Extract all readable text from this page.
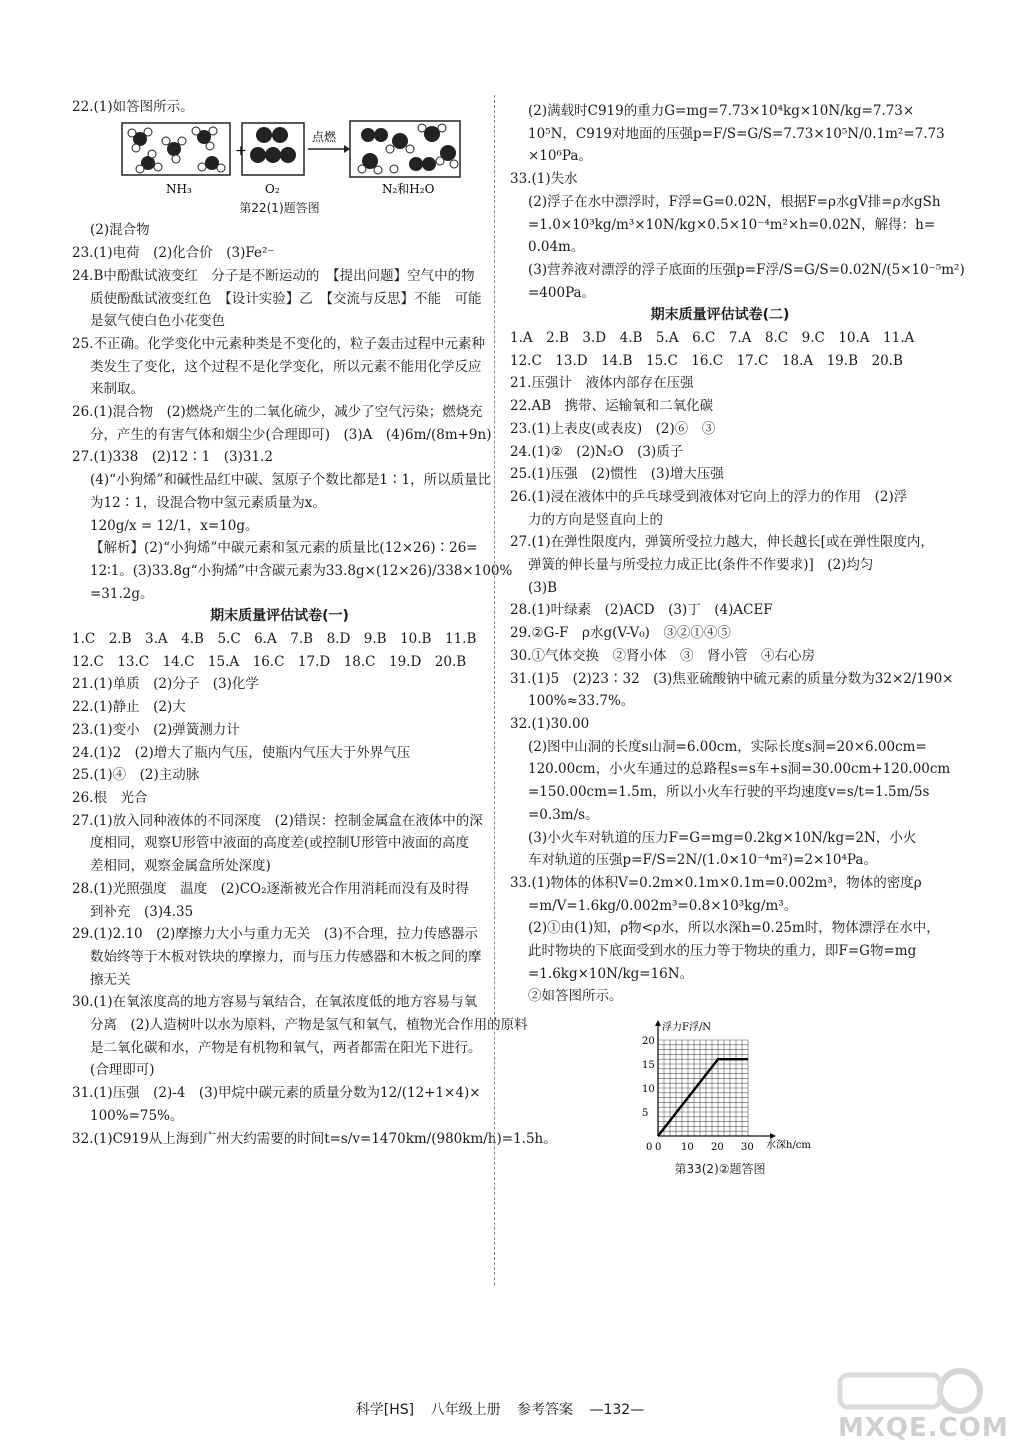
22.(1)如答图所示。
+
点燃
NH₃	O₂	N₂和H₂O
第22(1)题答图
(2)混合物
23.(1)电荷　(2)化合价　(3)Fe²⁻
24.B中酚酞试液变红　分子是不断运动的　【提出问题】空气中的物
质使酚酞试液变红色　【设计实验】乙　【交流与反思】不能　可能
是氨气使白色小花变色
25.不正确。化学变化中元素种类是不变化的，粒子轰击过程中元素种
类发生了变化，这个过程不是化学变化，所以元素不能用化学反应
来制取。
26.(1)混合物　(2)燃烧产生的二氧化硫少，减少了空气污染；燃烧充
分，产生的有害气体和烟尘少(合理即可)　(3)A　(4)6m/(8m+9n)
27.(1)338　(2)12∶1　(3)31.2
(4)“小狗烯”和碱性品红中碳、氢原子个数比都是1∶1，所以质量比
为12∶1，设混合物中氢元素质量为x。
120g/x = 12/1，x=10g。
【解析】(2)“小狗烯”中碳元素和氢元素的质量比(12×26)∶26=
12∶1。(3)33.8g“小狗烯”中含碳元素为33.8g×(12×26)/338×100%
=31.2g。
期末质量评估试卷(一)
1.C　2.B　3.A　4.B　5.C　6.A　7.B　8.D　9.B　10.B　11.B
12.C　13.C　14.C　15.A　16.C　17.D　18.C　19.D　20.B
21.(1)单质　(2)分子　(3)化学
22.(1)静止　(2)大
23.(1)变小　(2)弹簧测力计
24.(1)2　(2)增大了瓶内气压，使瓶内气压大于外界气压
25.(1)④　(2)主动脉
26.根　光合
27.(1)放入同种液体的不同深度　(2)错误：控制金属盒在液体中的深
度相同，观察U形管中液面的高度差(或控制U形管中液面的高度
差相同，观察金属盒所处深度)
28.(1)光照强度　温度　(2)CO₂逐渐被光合作用消耗而没有及时得
到补充　(3)4.35
29.(1)2.10　(2)摩擦力大小与重力无关　(3)不合理，拉力传感器示
数始终等于木板对铁块的摩擦力，而与压力传感器和木板之间的摩
擦无关
30.(1)在氧浓度高的地方容易与氧结合，在氧浓度低的地方容易与氧
分离　(2)人造树叶以水为原料，产物是氢气和氧气，植物光合作用的原料
是二氧化碳和水，产物是有机物和氧气，两者都需在阳光下进行。
(合理即可)
31.(1)压强　(2)-4　(3)甲烷中碳元素的质量分数为12/(12+1×4)×
100%=75%。
32.(1)C919从上海到广州大约需要的时间t=s/v=1470km/(980km/h)=1.5h。
(2)满载时C919的重力G=mg=7.73×10⁴kg×10N/kg=7.73×
10⁵N，C919对地面的压强p=F/S=G/S=7.73×10⁵N/0.1m²=7.73
×10⁶Pa。
33.(1)失水
(2)浮子在水中漂浮时，F浮=G=0.02N，根据F=ρ水gV排=ρ水gSh
=1.0×10³kg/m³×10N/kg×0.5×10⁻⁴m²×h=0.02N，解得：h=
0.04m。
(3)营养液对漂浮的浮子底面的压强p=F浮/S=G/S=0.02N/(5×10⁻⁵m²)
=400Pa。
期末质量评估试卷(二)
1.A　2.B　3.D　4.B　5.A　6.C　7.A　8.C　9.C　10.A　11.A
12.C　13.D　14.B　15.C　16.C　17.C　18.A　19.B　20.B
21.压强计　液体内部存在压强
22.AB　携带、运输氧和二氧化碳
23.(1)上表皮(或表皮)　(2)⑥　③
24.(1)②　(2)N₂O　(3)质子
25.(1)压强　(2)惯性　(3)增大压强
26.(1)浸在液体中的乒乓球受到液体对它向上的浮力的作用　(2)浮
力的方向是竖直向上的
27.(1)在弹性限度内，弹簧所受拉力越大，伸长越长[或在弹性限度内，
弹簧的伸长量与所受拉力成正比(条件不作要求)]　(2)均匀
(3)B
28.(1)叶绿素　(2)ACD　(3)丁　(4)ACEF
29.②G-F　ρ水g(V-V₀)　③②①④⑤
30.①气体交换　②肾小体　③　肾小管　④右心房
31.(1)5　(2)23∶32　(3)焦亚硫酸钠中硫元素的质量分数为32×2/190×
100%≈33.7%。
32.(1)30.00
(2)图中山洞的长度s山洞=6.00cm，实际长度s洞=20×6.00cm=
120.00cm，小火车通过的总路程s=s车+s洞=30.00cm+120.00cm
=150.00cm=1.5m，所以小火车行驶的平均速度v=s/t=1.5m/5s
=0.3m/s。
(3)小火车对轨道的压力F=G=mg=0.2kg×10N/kg=2N，小火
车对轨道的压强p=F/S=2N/(1.0×10⁻⁴m²)=2×10⁴Pa。
33.(1)物体的体积V=0.2m×0.1m×0.1m=0.002m³，物体的密度ρ
=m/V=1.6kg/0.002m³=0.8×10³kg/m³。
(2)①由(1)知，ρ物<ρ水，所以水深h=0.25m时，物体漂浮在水中，
此时物块的下底面受到水的压力等于物块的重力，即F=G物=mg
=1.6kg×10N/kg=16N。
②如答图所示。
0 10 20 30
5
10
15
20
0
浮力F浮/N
水深h/cm
第33(2)②题答图
科学[HS] 八年级上册 参考答案 —132—
MXQE.COM
